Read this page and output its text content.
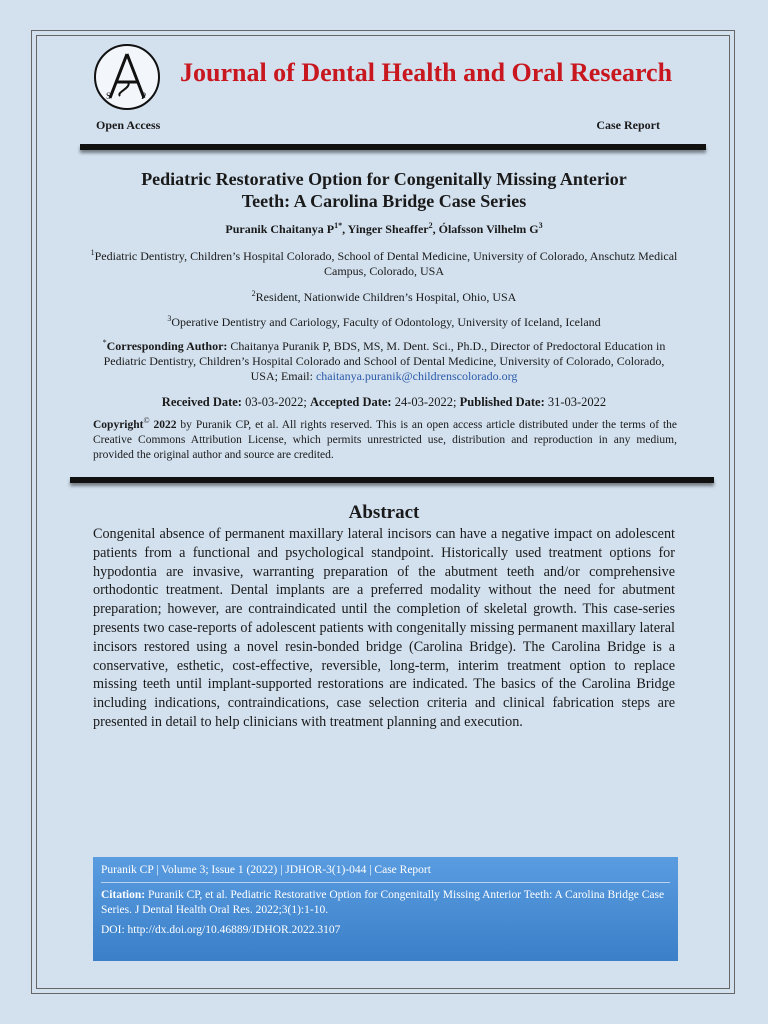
S	P
Journal of Dental Health and Oral Research
Open Access	Case Report
Pediatric Restorative Option for Congenitally Missing Anterior
Teeth: A Carolina Bridge Case Series
Puranik Chaitanya $P^{1*}$, Yinger Sheaffer$^2$, Ólafsson Vilhelm $G^3$
$^1$Pediatric Dentistry, Children’s Hospital Colorado, School of Dental Medicine, University of Colorado, Anschutz Medical Campus, Colorado, USA
$^2$Resident, Nationwide Children’s Hospital, Ohio, USA
$^3$Operative Dentistry and Cariology, Faculty of Odontology, University of Iceland, Iceland
*Corresponding Author: Chaitanya Puranik P, BDS, MS, M. Dent. Sci., Ph.D., Director of Predoctoral Education in Pediatric Dentistry, Children’s Hospital Colorado and School of Dental Medicine, University of Colorado, Colorado, USA; Email: chaitanya.puranik@childrenscolorado.org
Received Date: 03-03-2022; Accepted Date: 24-03-2022; Published Date: 31-03-2022
Copyright© 2022 by Puranik CP, et al. All rights reserved. This is an open access article distributed under the terms of the Creative Commons Attribution License, which permits unrestricted use, distribution and reproduction in any medium, provided the original author and source are credited.
Abstract
Congenital absence of permanent maxillary lateral incisors can have a negative impact on adolescent patients from a functional and psychological standpoint. Historically used treatment options for hypodontia are invasive, warranting preparation of the abutment teeth and/or comprehensive orthodontic treatment. Dental implants are a preferred modality without the need for abutment preparation; however, are contraindicated until the completion of skeletal growth. This case-series presents two case-reports of adolescent patients with congenitally missing permanent maxillary lateral incisors restored using a novel resin-bonded bridge (Carolina Bridge). The Carolina Bridge is a conservative, esthetic, cost-effective, reversible, long-term, interim treatment option to replace missing teeth until implant-supported restorations are indicated. The basics of the Carolina Bridge including indications, contraindications, case selection criteria and clinical fabrication steps are presented in detail to help clinicians with treatment planning and execution.
Puranik CP | Volume 3; Issue 1 (2022) | JDHOR-3(1)-044 | Case Report

Citation: Puranik CP, et al. Pediatric Restorative Option for Congenitally Missing Anterior Teeth: A Carolina Bridge Case Series. J Dental Health Oral Res. 2022;3(1):1-10.

DOI: http://dx.doi.org/10.46889/JDHOR.2022.3107
